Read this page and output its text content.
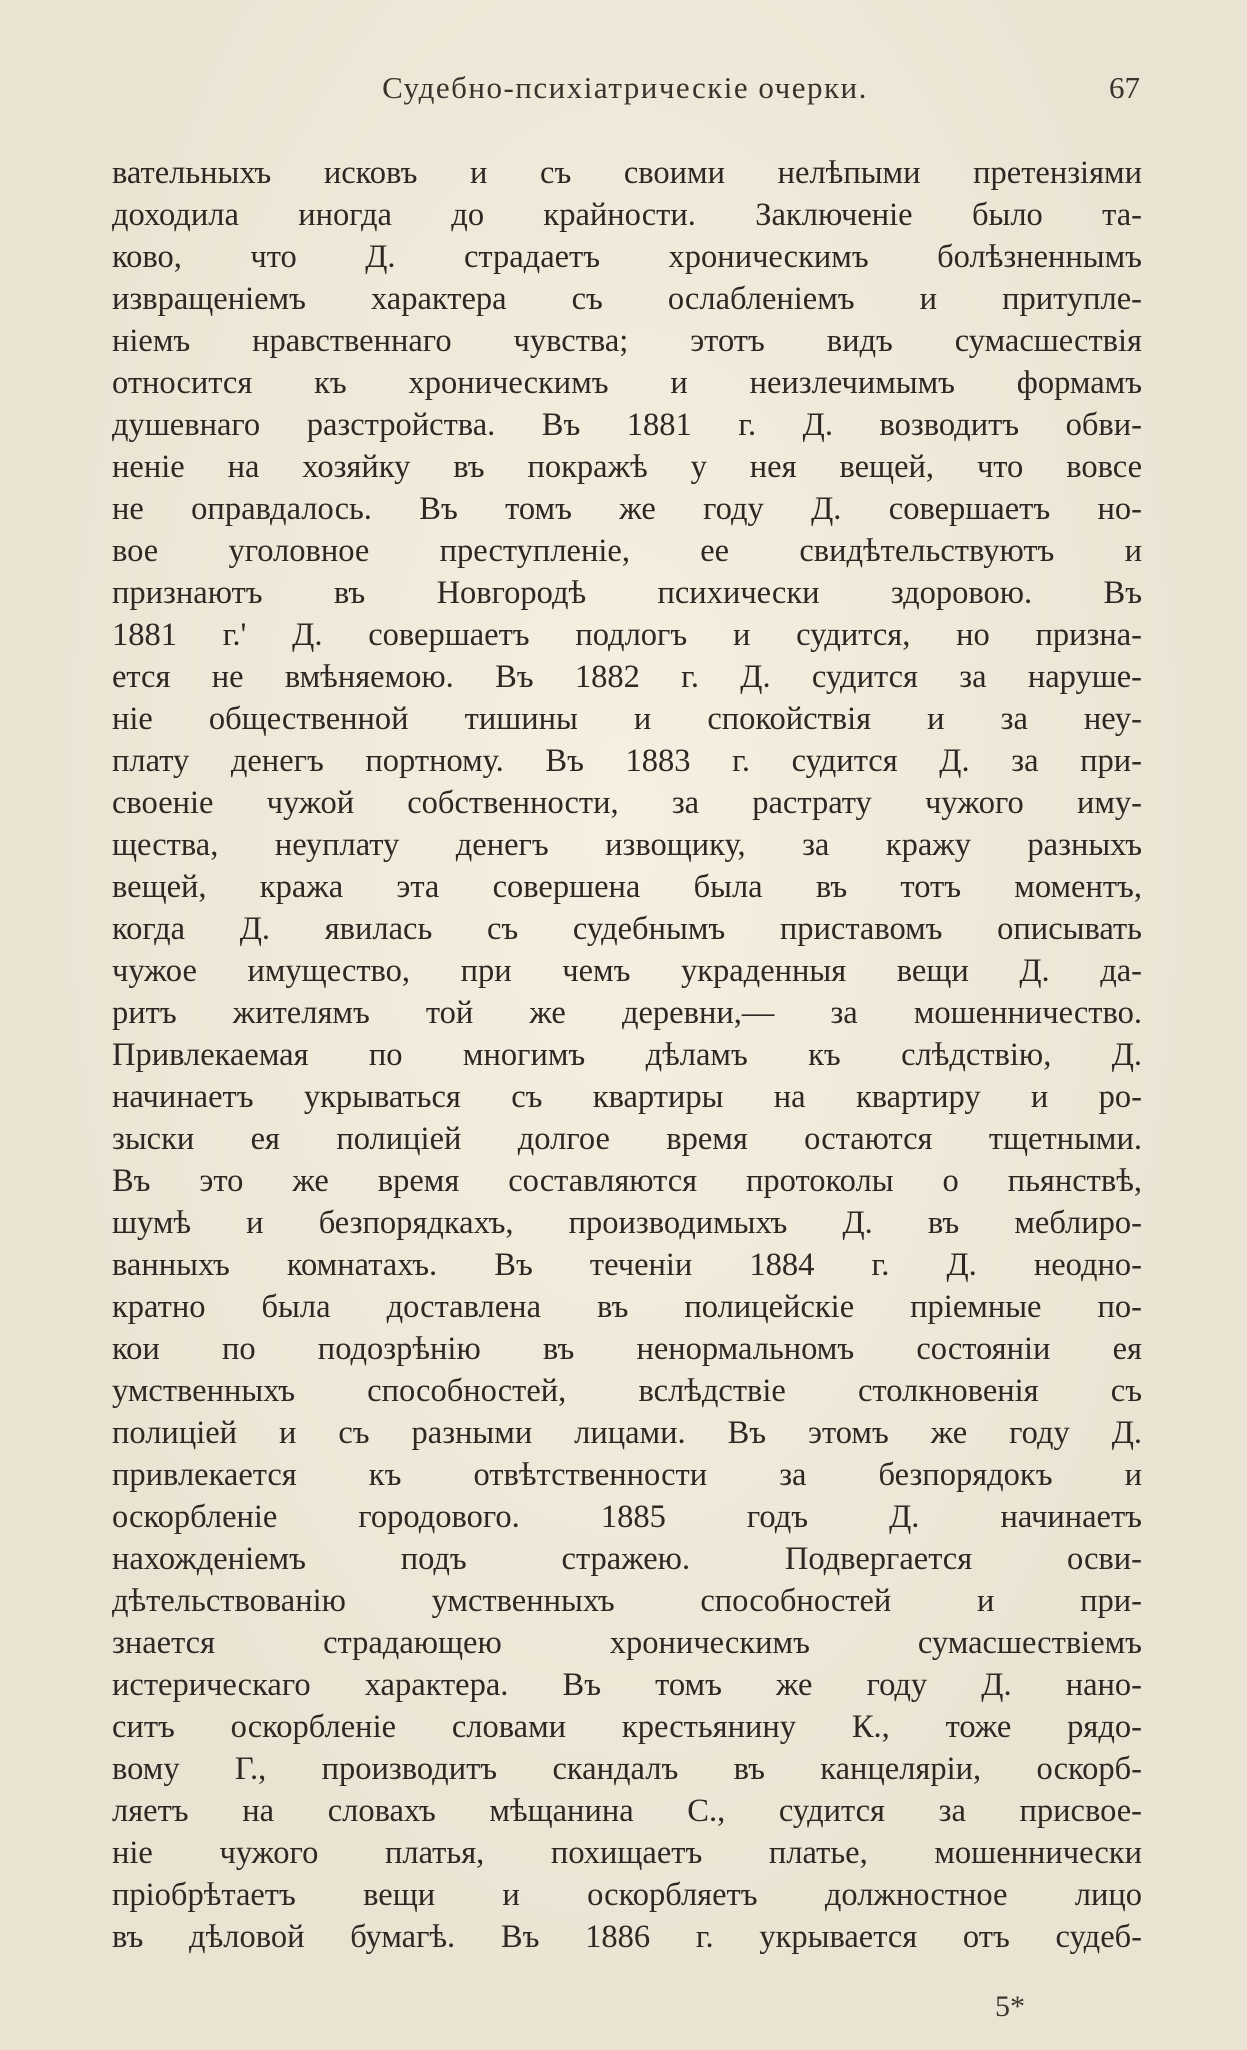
Судебно-психіатрическіе очерки.	67
вательныхъ исковъ и съ своими нелѣпыми претензіями
доходила иногда до крайности. Заключеніе было та-
ково, что Д. страдаетъ хроническимъ болѣзненнымъ
извращеніемъ характера съ ослабленіемъ и притупле-
ніемъ нравственнаго чувства; этотъ видъ сумасшествія
относится къ хроническимъ и неизлечимымъ формамъ
душевнаго разстройства. Въ 1881 г. Д. возводитъ обви-
неніе на хозяйку въ покражѣ у нея вещей, что вовсе
не оправдалось. Въ томъ же году Д. совершаетъ но-
вое уголовное преступленіе, ее свидѣтельствуютъ и
признаютъ въ Новгородѣ психически здоровою. Въ
1881 г.' Д. совершаетъ подлогъ и судится, но призна-
ется не вмѣняемою. Въ 1882 г. Д. судится за наруше-
ніе общественной тишины и спокойствія и за неу-
плату денегъ портному. Въ 1883 г. судится Д. за при-
своеніе чужой собственности, за растрату чужого иму-
щества, неуплату денегъ извощику, за кражу разныхъ
вещей, кража эта совершена была въ тотъ моментъ,
когда Д. явилась съ судебнымъ приставомъ описывать
чужое имущество, при чемъ украденныя вещи Д. да-
ритъ жителямъ той же деревни,— за мошенничество.
Привлекаемая по многимъ дѣламъ къ слѣдствію, Д.
начинаетъ укрываться съ квартиры на квартиру и ро-
зыски ея полиціей долгое время остаются тщетными.
Въ это же время составляются протоколы о пьянствѣ,
шумѣ и безпорядкахъ, производимыхъ Д. въ меблиро-
ванныхъ комнатахъ. Въ теченіи 1884 г. Д. неодно-
кратно была доставлена въ полицейскіе пріемные по-
кои по подозрѣнію въ ненормальномъ состояніи ея
умственныхъ способностей, вслѣдствіе столкновенія съ
полиціей и съ разными лицами. Въ этомъ же году Д.
привлекается къ отвѣтственности за безпорядокъ и
оскорбленіе городового. 1885 годъ Д. начинаетъ
нахожденіемъ подъ стражею. Подвергается осви-
дѣтельствованію умственныхъ способностей и при-
знается страдающею хроническимъ сумасшествіемъ
истерическаго характера. Въ томъ же году Д. нано-
ситъ оскорбленіе словами крестьянину К., тоже рядо-
вому Г., производитъ скандалъ въ канцеляріи, оскорб-
ляетъ на словахъ мѣщанина С., судится за присвое-
ніе чужого платья, похищаетъ платье, мошеннически
пріобрѣтаетъ вещи и оскорбляетъ должностное лицо
въ дѣловой бумагѣ. Въ 1886 г. укрывается отъ судеб-
5*
